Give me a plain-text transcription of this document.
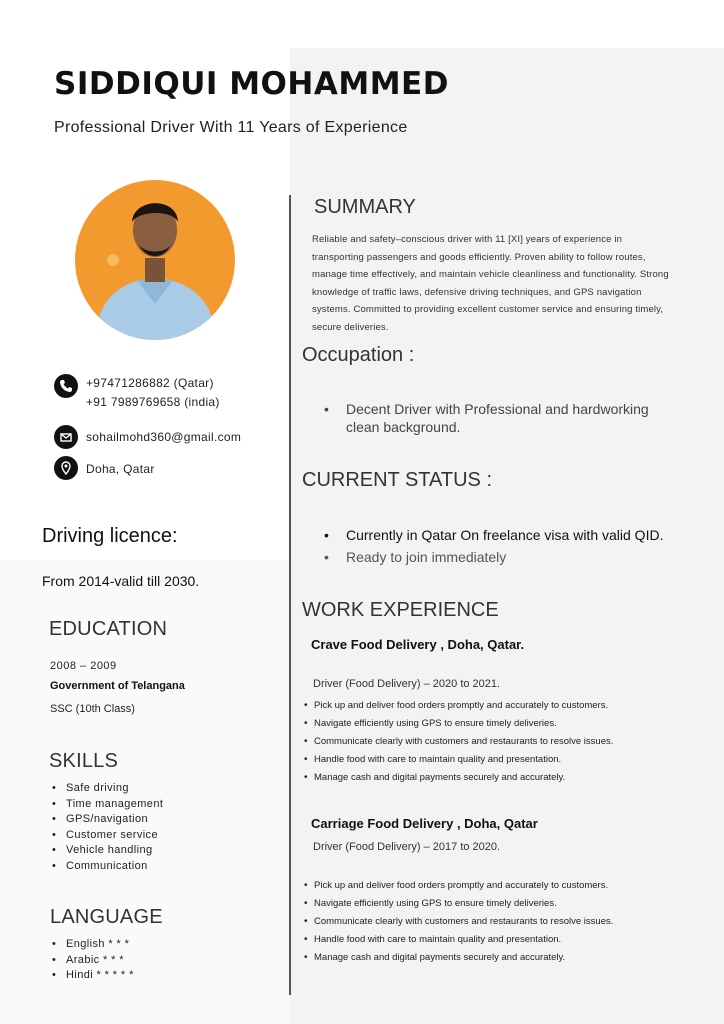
SIDDIQUI MOHAMMED
Professional Driver With 11 Years of Experience
+97471286882 (Qatar)
+91 7989769658 (india)
sohailmohd360@gmail.com
Doha, Qatar
Driving licence:
From 2014-valid till 2030.
EDUCATION
2008 – 2009
Government of Telangana
SSC (10th Class)
SKILLS
• Safe driving
• Time management
• GPS/navigation
• Customer service
• Vehicle handling
• Communication
LANGUAGE
• English * * *
• Arabic * * *
• Hindi * * * * *
SUMMARY
Reliable and safety–conscious driver with 11 [XI] years of experience in transporting passengers and goods efficiently. Proven ability to follow routes, manage time effectively, and maintain vehicle cleanliness and functionality. Strong knowledge of traffic laws, defensive driving techniques, and GPS navigation systems. Committed to providing excellent customer service and ensuring timely, secure deliveries.
Occupation :
• Decent Driver with Professional and hardworking clean background.
CURRENT STATUS :
• Currently in Qatar On freelance visa with valid QID.
• Ready to join immediately
WORK EXPERIENCE
Crave Food Delivery , Doha, Qatar.
Driver (Food Delivery) – 2020 to 2021.
• Pick up and deliver food orders promptly and accurately to customers.
• Navigate efficiently using GPS to ensure timely deliveries.
• Communicate clearly with customers and restaurants to resolve issues.
• Handle food with care to maintain quality and presentation.
• Manage cash and digital payments securely and accurately.
Carriage Food Delivery , Doha, Qatar
Driver (Food Delivery) – 2017 to 2020.
• Pick up and deliver food orders promptly and accurately to customers.
• Navigate efficiently using GPS to ensure timely deliveries.
• Communicate clearly with customers and restaurants to resolve issues.
• Handle food with care to maintain quality and presentation.
• Manage cash and digital payments securely and accurately.
